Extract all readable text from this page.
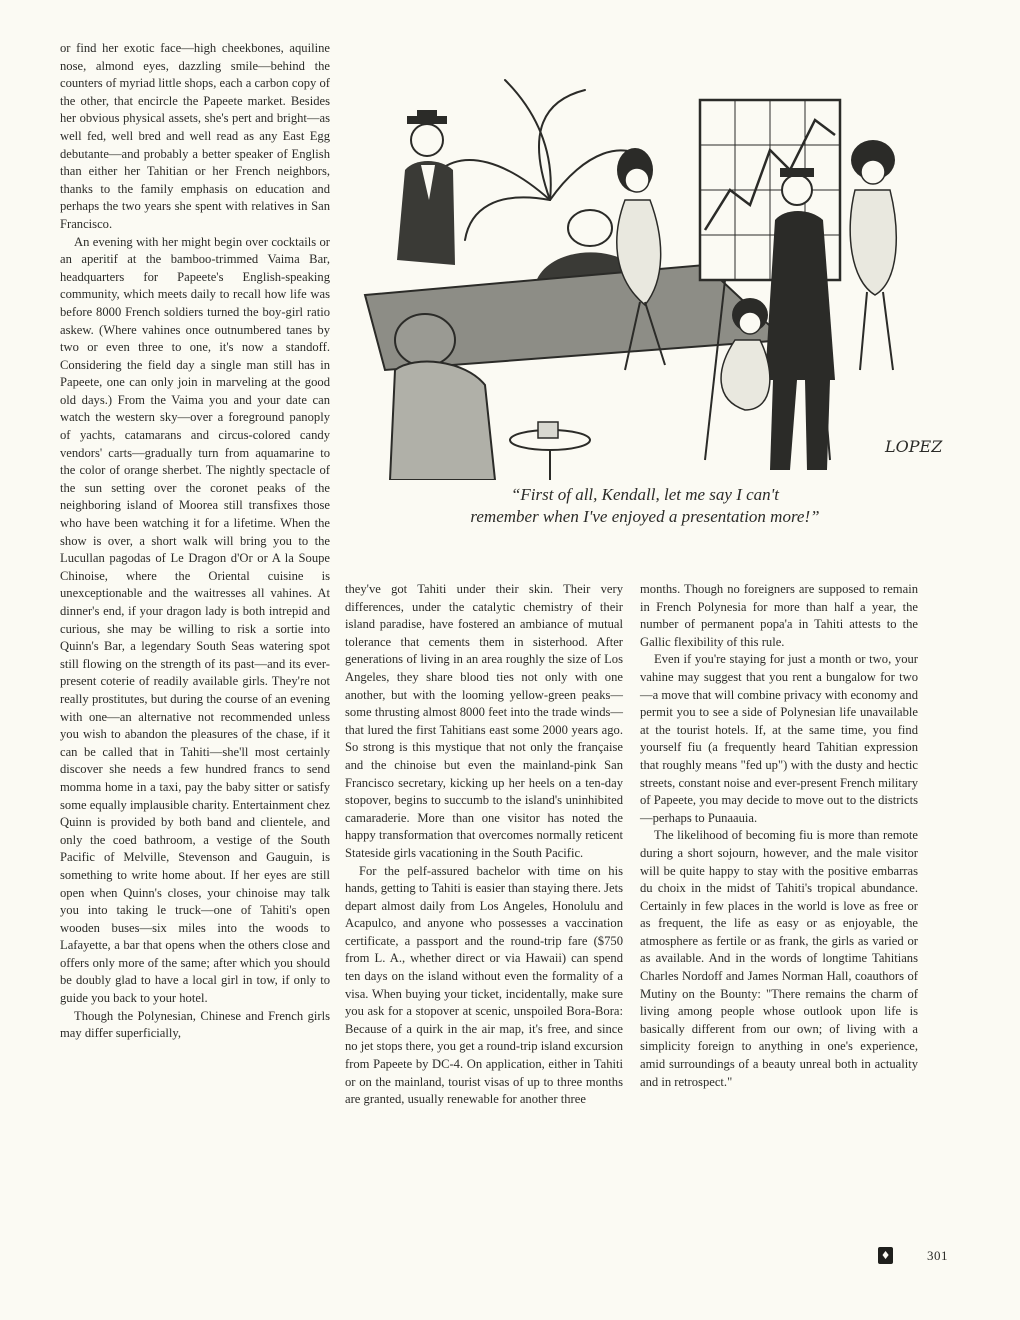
or find her exotic face—high cheekbones, aquiline nose, almond eyes, dazzling smile—behind the counters of myriad little shops, each a carbon copy of the other, that encircle the Papeete market. Besides her obvious physical assets, she's pert and bright—as well fed, well bred and well read as any East Egg debutante—and probably a better speaker of English than either her Tahitian or her French neighbors, thanks to the family emphasis on education and perhaps the two years she spent with relatives in San Francisco.

An evening with her might begin over cocktails or an aperitif at the bamboo-trimmed Vaima Bar, headquarters for Papeete's English-speaking community, which meets daily to recall how life was before 8000 French soldiers turned the boy-girl ratio askew. (Where vahines once outnumbered tanes by two or even three to one, it's now a standoff. Considering the field day a single man still has in Papeete, one can only join in marveling at the good old days.) From the Vaima you and your date can watch the western sky—over a foreground panoply of yachts, catamarans and circus-colored candy vendors' carts—gradually turn from aquamarine to the color of orange sherbet. The nightly spectacle of the sun setting over the coronet peaks of the neighboring island of Moorea still transfixes those who have been watching it for a lifetime. When the show is over, a short walk will bring you to the Lucullan pagodas of Le Dragon d'Or or A la Soupe Chinoise, where the Oriental cuisine is unexceptionable and the waitresses all vahines. At dinner's end, if your dragon lady is both intrepid and curious, she may be willing to risk a sortie into Quinn's Bar, a legendary South Seas watering spot still flowing on the strength of its past—and its ever-present coterie of readily available girls. They're not really prostitutes, but during the course of an evening with one—an alternative not recommended unless you wish to abandon the pleasures of the chase, if it can be called that in Tahiti—she'll most certainly discover she needs a few hundred francs to send momma home in a taxi, pay the baby sitter or satisfy some equally implausible charity. Entertainment chez Quinn is provided by both band and clientele, and only the coed bathroom, a vestige of the South Pacific of Melville, Stevenson and Gauguin, is something to write home about. If her eyes are still open when Quinn's closes, your chinoise may talk you into taking le truck—one of Tahiti's open wooden buses—six miles into the woods to Lafayette, a bar that opens when the others close and offers only more of the same; after which you should be doubly glad to have a local girl in tow, if only to guide you back to your hotel.

Though the Polynesian, Chinese and French girls may differ superficially,

LOPEZ
“First of all, Kendall, let me say I can't
remember when I've enjoyed a presentation more!”

they've got Tahiti under their skin. Their very differences, under the catalytic chemistry of their island paradise, have fostered an ambiance of mutual tolerance that cements them in sisterhood. After generations of living in an area roughly the size of Los Angeles, they share blood ties not only with one another, but with the looming yellow-green peaks—some thrusting almost 8000 feet into the trade winds—that lured the first Tahitians east some 2000 years ago. So strong is this mystique that not only the française and the chinoise but even the mainland-pink San Francisco secretary, kicking up her heels on a ten-day stopover, begins to succumb to the island's uninhibited camaraderie. More than one visitor has noted the happy transformation that overcomes normally reticent Stateside girls vacationing in the South Pacific.

For the pelf-assured bachelor with time on his hands, getting to Tahiti is easier than staying there. Jets depart almost daily from Los Angeles, Honolulu and Acapulco, and anyone who possesses a vaccination certificate, a passport and the round-trip fare ($750 from L. A., whether direct or via Hawaii) can spend ten days on the island without even the formality of a visa. When buying your ticket, incidentally, make sure you ask for a stopover at scenic, unspoiled Bora-Bora: Because of a quirk in the air map, it's free, and since no jet stops there, you get a round-trip island excursion from Papeete by DC-4. On application, either in Tahiti or on the mainland, tourist visas of up to three months are granted, usually renewable for another three

months. Though no foreigners are supposed to remain in French Polynesia for more than half a year, the number of permanent popa'a in Tahiti attests to the Gallic flexibility of this rule.

Even if you're staying for just a month or two, your vahine may suggest that you rent a bungalow for two—a move that will combine privacy with economy and permit you to see a side of Polynesian life unavailable at the tourist hotels. If, at the same time, you find yourself fiu (a frequently heard Tahitian expression that roughly means "fed up") with the dusty and hectic streets, constant noise and ever-present French military of Papeete, you may decide to move out to the districts—perhaps to Punaauia.

The likelihood of becoming fiu is more than remote during a short sojourn, however, and the male visitor will be quite happy to stay with the positive embarras du choix in the midst of Tahiti's tropical abundance. Certainly in few places in the world is love as free or as frequent, the life as easy or as enjoyable, the atmosphere as fertile or as frank, the girls as varied or as available. And in the words of longtime Tahitians Charles Nordoff and James Norman Hall, coauthors of Mutiny on the Bounty: "There remains the charm of living among people whose outlook upon life is basically different from our own; of living with a simplicity foreign to anything in one's experience, amid surroundings of a beauty unreal both in actuality and in retrospect."

♦	301
